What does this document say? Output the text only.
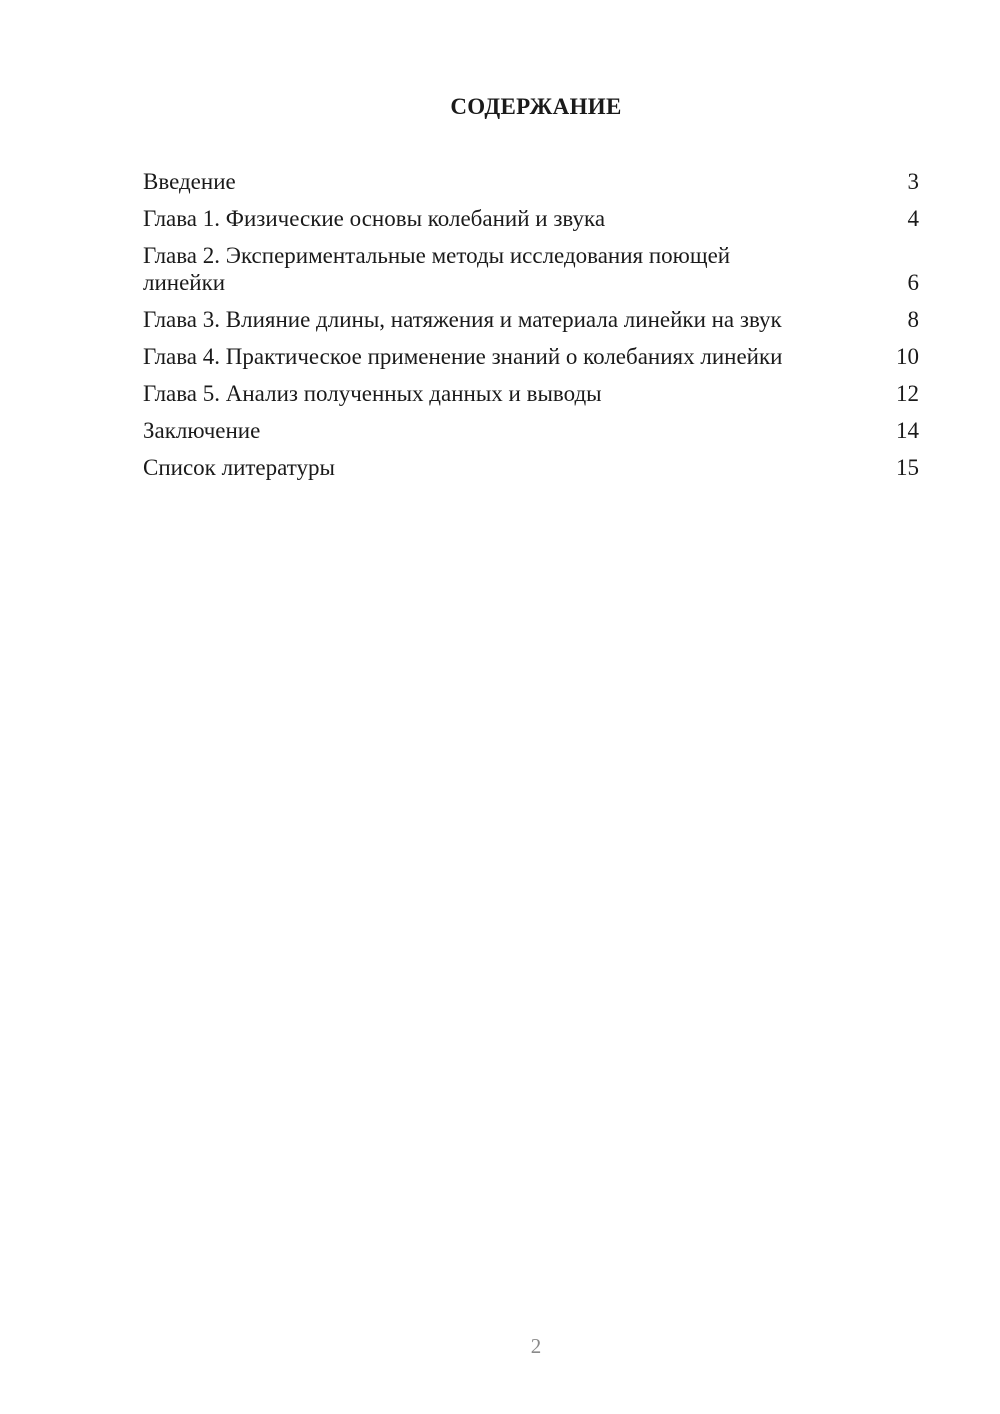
СОДЕРЖАНИЕ
Введение	3
Глава 1. Физические основы колебаний и звука	4
Глава 2. Экспериментальные методы исследования поющей линейки	6
Глава 3. Влияние длины, натяжения и материала линейки на звук	8
Глава 4. Практическое применение знаний о колебаниях линейки	10
Глава 5. Анализ полученных данных и выводы	12
Заключение	14
Список литературы	15
2
